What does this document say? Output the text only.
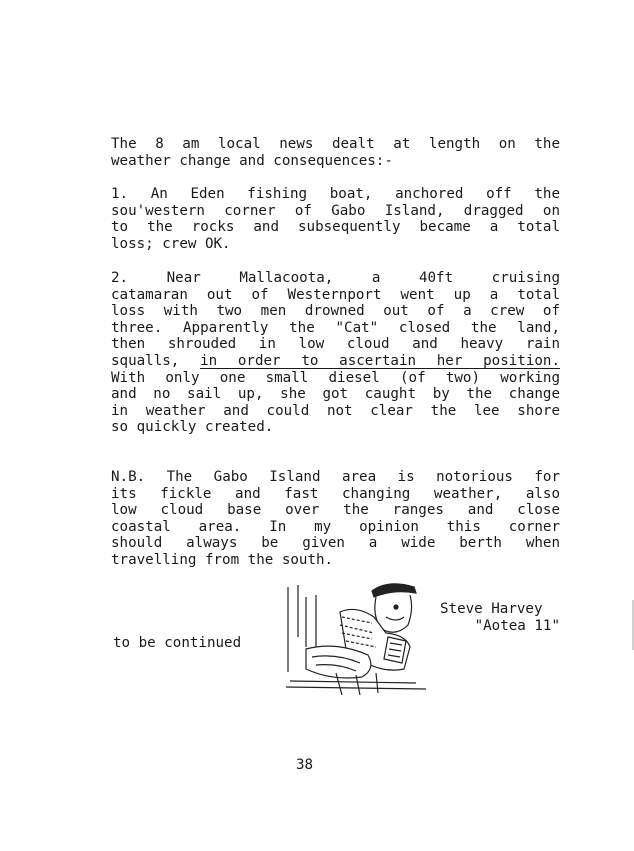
The 8 am local news dealt at length on the
weather change and consequences:-
1. An Eden fishing boat, anchored off the
sou'western corner of Gabo Island, dragged on
to the rocks and subsequently became a total
loss; crew OK.
2. Near Mallacoota, a 40ft cruising
catamaran out of Westernport went up a total
loss with two men drowned out of a crew of
three. Apparently the "Cat" closed the land,
then shrouded in low cloud and heavy rain
squalls, in order to ascertain her position.
With only one small diesel (of two) working
and no sail up, she got caught by the change
in weather and could not clear the lee shore
so quickly created.
N.B. The Gabo Island area is notorious for
its fickle and fast changing weather, also
low cloud base over the ranges and close
coastal area. In my opinion this corner
should always be given a wide berth when
travelling from the south.
Steve Harvey
"Aotea 11"
to be continued
38
